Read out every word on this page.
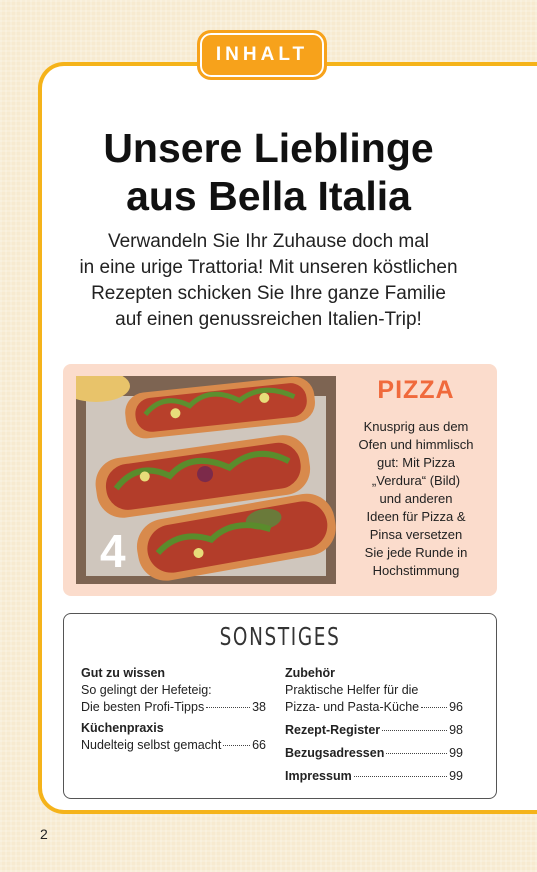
INHALT
Unsere Lieblinge
aus Bella Italia
Verwandeln Sie Ihr Zuhause doch mal
in eine urige Trattoria! Mit unseren köstlichen
Rezepten schicken Sie Ihre ganze Familie
auf einen genussreichen Italien-Trip!
4
PIZZA
Knusprig aus dem
Ofen und himmlisch
gut: Mit Pizza
„Verdura“ (Bild)
und anderen
Ideen für Pizza &
Pinsa versetzen
Sie jede Runde in
Hochstimmung
SONSTIGES
Gut zu wissen
So gelingt der Hefeteig:
Die besten Profi-Tipps	38
Küchenpraxis
Nudelteig selbst gemacht 66
Zubehör
Praktische Helfer für die
Pizza- und Pasta-Küche 96
Rezept-Register	98
Bezugsadressen	99
Impressum	99
2
